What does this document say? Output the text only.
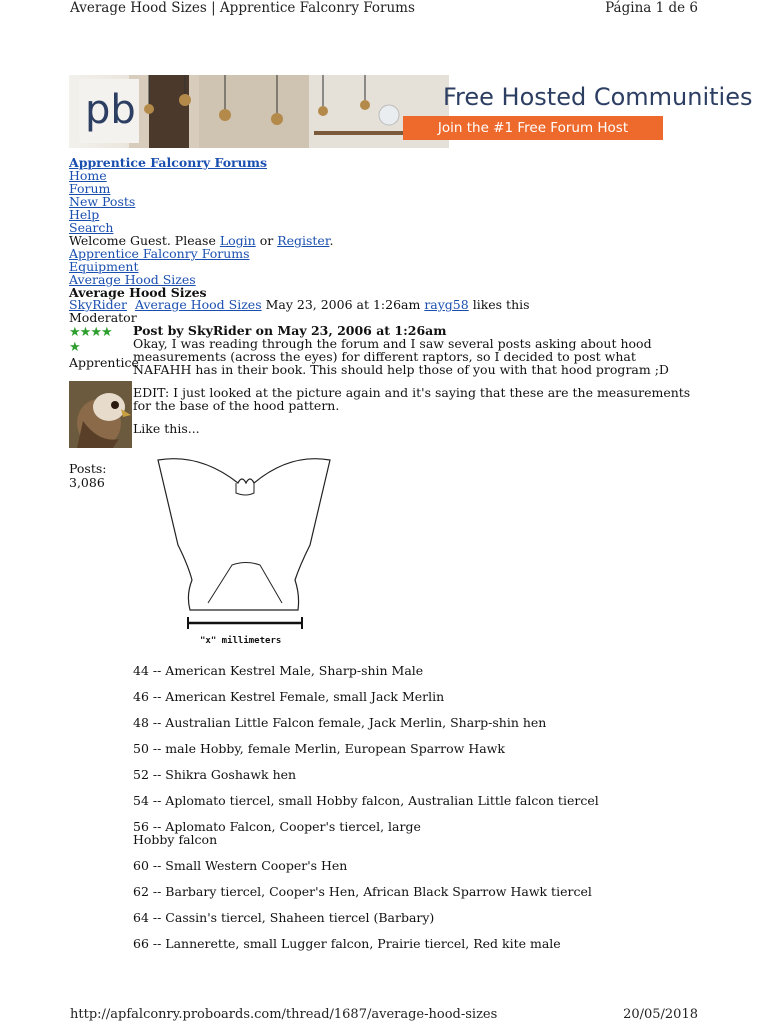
Average Hood Sizes | Apprentice Falconry Forums	Página 1 de 6
pb	Free Hosted Communities
Join the #1 Free Forum Host
Apprentice Falconry Forums
Home
Forum
New Posts
Help
Search
Welcome Guest. Please Login or Register.
Apprentice Falconry Forums
Equipment
Average Hood Sizes
Average Hood Sizes
SkyRider Average Hood Sizes May 23, 2006 at 1:26am rayg58 likes this
Moderator
★★★★
★
Apprentice
Posts:
3,086
Post by SkyRider on May 23, 2006 at 1:26am

Okay, I was reading through the forum and I saw several posts asking about hood measurements (across the eyes) for different raptors, so I decided to post what NAFAHH has in their book. This should help those of you with that hood program ;D

EDIT: I just looked at the picture again and it's saying that these are the measurements for the base of the hood pattern.

Like this...

"x" millimeters
44 -- American Kestrel Male, Sharp-shin Male
46 -- American Kestrel Female, small Jack Merlin
48 -- Australian Little Falcon female, Jack Merlin, Sharp-shin hen
50 -- male Hobby, female Merlin, European Sparrow Hawk
52 -- Shikra Goshawk hen
54 -- Aplomato tiercel, small Hobby falcon, Australian Little falcon tiercel
56 -- Aplomato Falcon, Cooper's tiercel, large Hobby falcon
60 -- Small Western Cooper's Hen
62 -- Barbary tiercel, Cooper's Hen, African Black Sparrow Hawk tiercel
64 -- Cassin's tiercel, Shaheen tiercel (Barbary)
66 -- Lannerette, small Lugger falcon, Prairie tiercel, Red kite male
http://apfalconry.proboards.com/thread/1687/average-hood-sizes	20/05/2018
